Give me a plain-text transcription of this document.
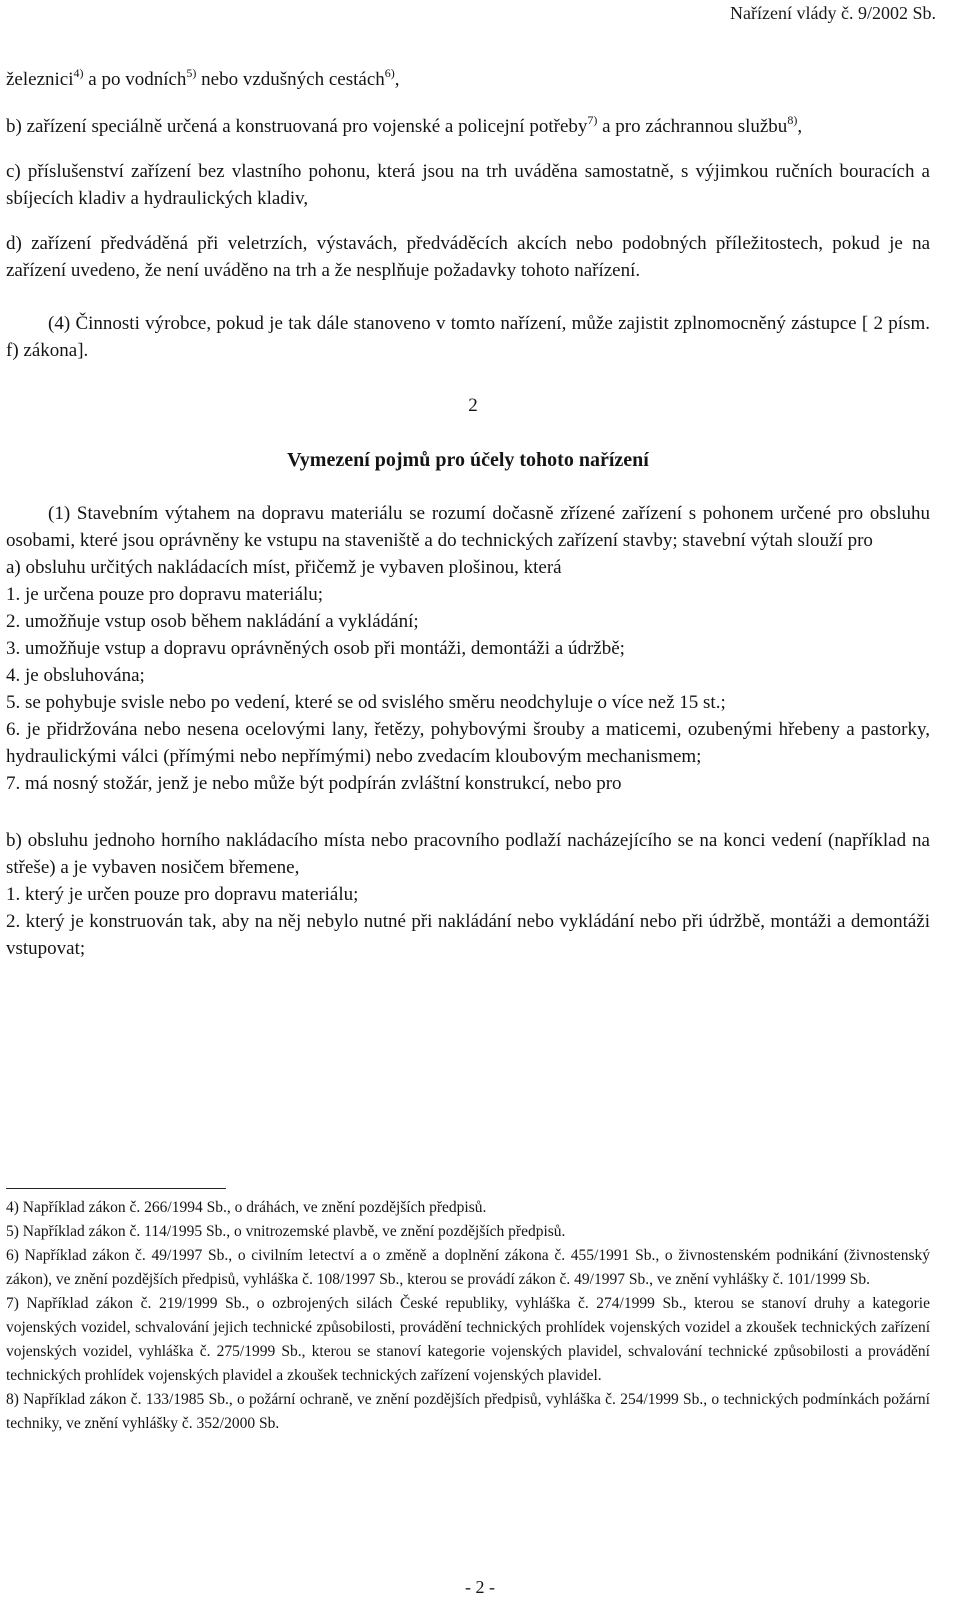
Nařízení vlády č. 9/2002 Sb.

železnici$^{4)}$ a po vodních$^{5)}$ nebo vzdušných cestách$^{6)}$,

b) zařízení speciálně určená a konstruovaná pro vojenské a policejní potřeby$^{7)}$ a pro záchrannou službu$^{8)}$,

c) příslušenství zařízení bez vlastního pohonu, která jsou na trh uváděna samostatně, s výjimkou ručních bouracích a sbíjecích kladiv a hydraulických kladiv,

d) zařízení předváděná při veletrzích, výstavách, předváděcích akcích nebo podobných příležitostech, pokud je na zařízení uvedeno, že není uváděno na trh a že nesplňuje požadavky tohoto nařízení.

(4) Činnosti výrobce, pokud je tak dále stanoveno v tomto nařízení, může zajistit zplnomocněný zástupce [ 2 písm. f) zákona].

2

Vymezení pojmů pro účely tohoto nařízení

(1) Stavebním výtahem na dopravu materiálu se rozumí dočasně zřízené zařízení s pohonem určené pro obsluhu osobami, které jsou oprávněny ke vstupu na staveniště a do technických zařízení stavby; stavební výtah slouží pro

a) obsluhu určitých nakládacích míst, přičemž je vybaven plošinou, která

1. je určena pouze pro dopravu materiálu;

2. umožňuje vstup osob během nakládání a vykládání;

3. umožňuje vstup a dopravu oprávněných osob při montáži, demontáži a údržbě;

4. je obsluhována;

5. se pohybuje svisle nebo po vedení, které se od svislého směru neodchyluje o více než 15 st.;

6. je přidržována nebo nesena ocelovými lany, řetězy, pohybovými šrouby a maticemi, ozubenými hřebeny a pastorky, hydraulickými válci (přímými nebo nepřímými) nebo zvedacím kloubovým mechanismem;

7. má nosný stožár, jenž je nebo může být podpírán zvláštní konstrukcí, nebo pro

b) obsluhu jednoho horního nakládacího místa nebo pracovního podlaží nacházejícího se na konci vedení (například na střeše) a je vybaven nosičem břemene,

1. který je určen pouze pro dopravu materiálu;

2. který je konstruován tak, aby na něj nebylo nutné při nakládání nebo vykládání nebo při údržbě, montáži a demontáži vstupovat;

4) Například zákon č. 266/1994 Sb., o dráhách, ve znění pozdějších předpisů.

5) Například zákon č. 114/1995 Sb., o vnitrozemské plavbě, ve znění pozdějších předpisů.

6) Například zákon č. 49/1997 Sb., o civilním letectví a o změně a doplnění zákona č. 455/1991 Sb., o živnostenském podnikání (živnostenský zákon), ve znění pozdějších předpisů, vyhláška č. 108/1997 Sb., kterou se provádí zákon č. 49/1997 Sb., ve znění vyhlášky č. 101/1999 Sb.

7) Například zákon č. 219/1999 Sb., o ozbrojených silách České republiky, vyhláška č. 274/1999 Sb., kterou se stanoví druhy a kategorie vojenských vozidel, schvalování jejich technické způsobilosti, provádění technických prohlídek vojenských vozidel a zkoušek technických zařízení vojenských vozidel, vyhláška č. 275/1999 Sb., kterou se stanoví kategorie vojenských plavidel, schvalování technické způsobilosti a provádění technických prohlídek vojenských plavidel a zkoušek technických zařízení vojenských plavidel.

8) Například zákon č. 133/1985 Sb., o požární ochraně, ve znění pozdějších předpisů, vyhláška č. 254/1999 Sb., o technických podmínkách požární techniky, ve znění vyhlášky č. 352/2000 Sb.

- 2 -
